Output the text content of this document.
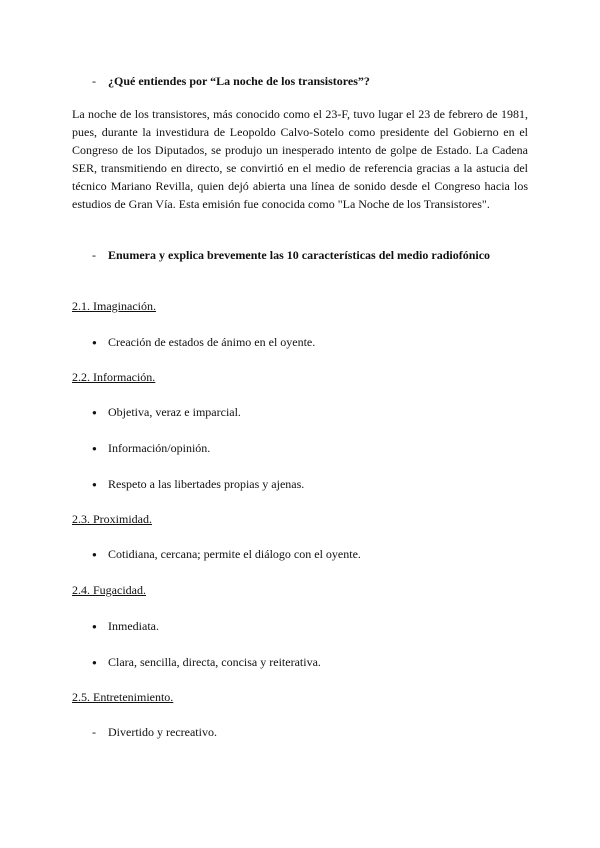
- ¿Qué entiendes por “La noche de los transistores”?
La noche de los transistores, más conocido como el 23-F, tuvo lugar el 23 de febrero de 1981, pues, durante la investidura de Leopoldo Calvo-Sotelo como presidente del Gobierno en el Congreso de los Diputados, se produjo un inesperado intento de golpe de Estado. La Cadena SER, transmitiendo en directo, se convirtió en el medio de referencia gracias a la astucia del técnico Mariano Revilla, quien dejó abierta una línea de sonido desde el Congreso hacia los estudios de Gran Vía. Esta emisión fue conocida como "La Noche de los Transistores".
- Enumera y explica brevemente las 10 características del medio radiofónico
2.1. Imaginación.
● Creación de estados de ánimo en el oyente.
2.2. Información.
● Objetiva, veraz e imparcial.
● Información/opinión.
● Respeto a las libertades propias y ajenas.
2.3. Proximidad.
● Cotidiana, cercana; permite el diálogo con el oyente.
2.4. Fugacidad.
● Inmediata.
● Clara, sencilla, directa, concisa y reiterativa.
2.5. Entretenimiento.
- Divertido y recreativo.
